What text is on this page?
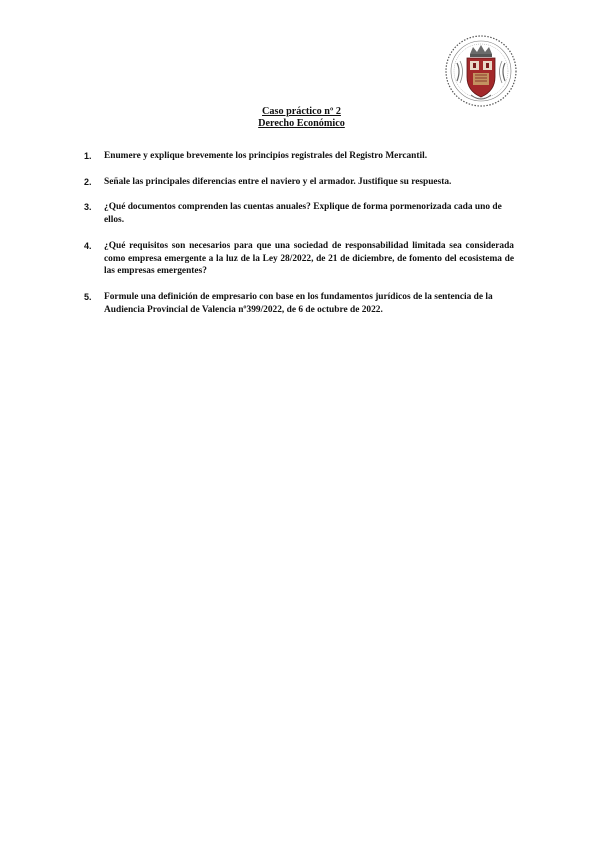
Caso práctico nº 2
Derecho Económico
1. Enumere y explique brevemente los principios registrales del Registro Mercantil.
2. Señale las principales diferencias entre el naviero y el armador. Justifique su respuesta.
3. ¿Qué documentos comprenden las cuentas anuales? Explique de forma pormenorizada cada uno de ellos.
4. ¿Qué requisitos son necesarios para que una sociedad de responsabilidad limitada sea considerada como empresa emergente a la luz de la Ley 28/2022, de 21 de diciembre, de fomento del ecosistema de las empresas emergentes?
5. Formule una definición de empresario con base en los fundamentos jurídicos de la sentencia de la Audiencia Provincial de Valencia nº399/2022, de 6 de octubre de 2022.
